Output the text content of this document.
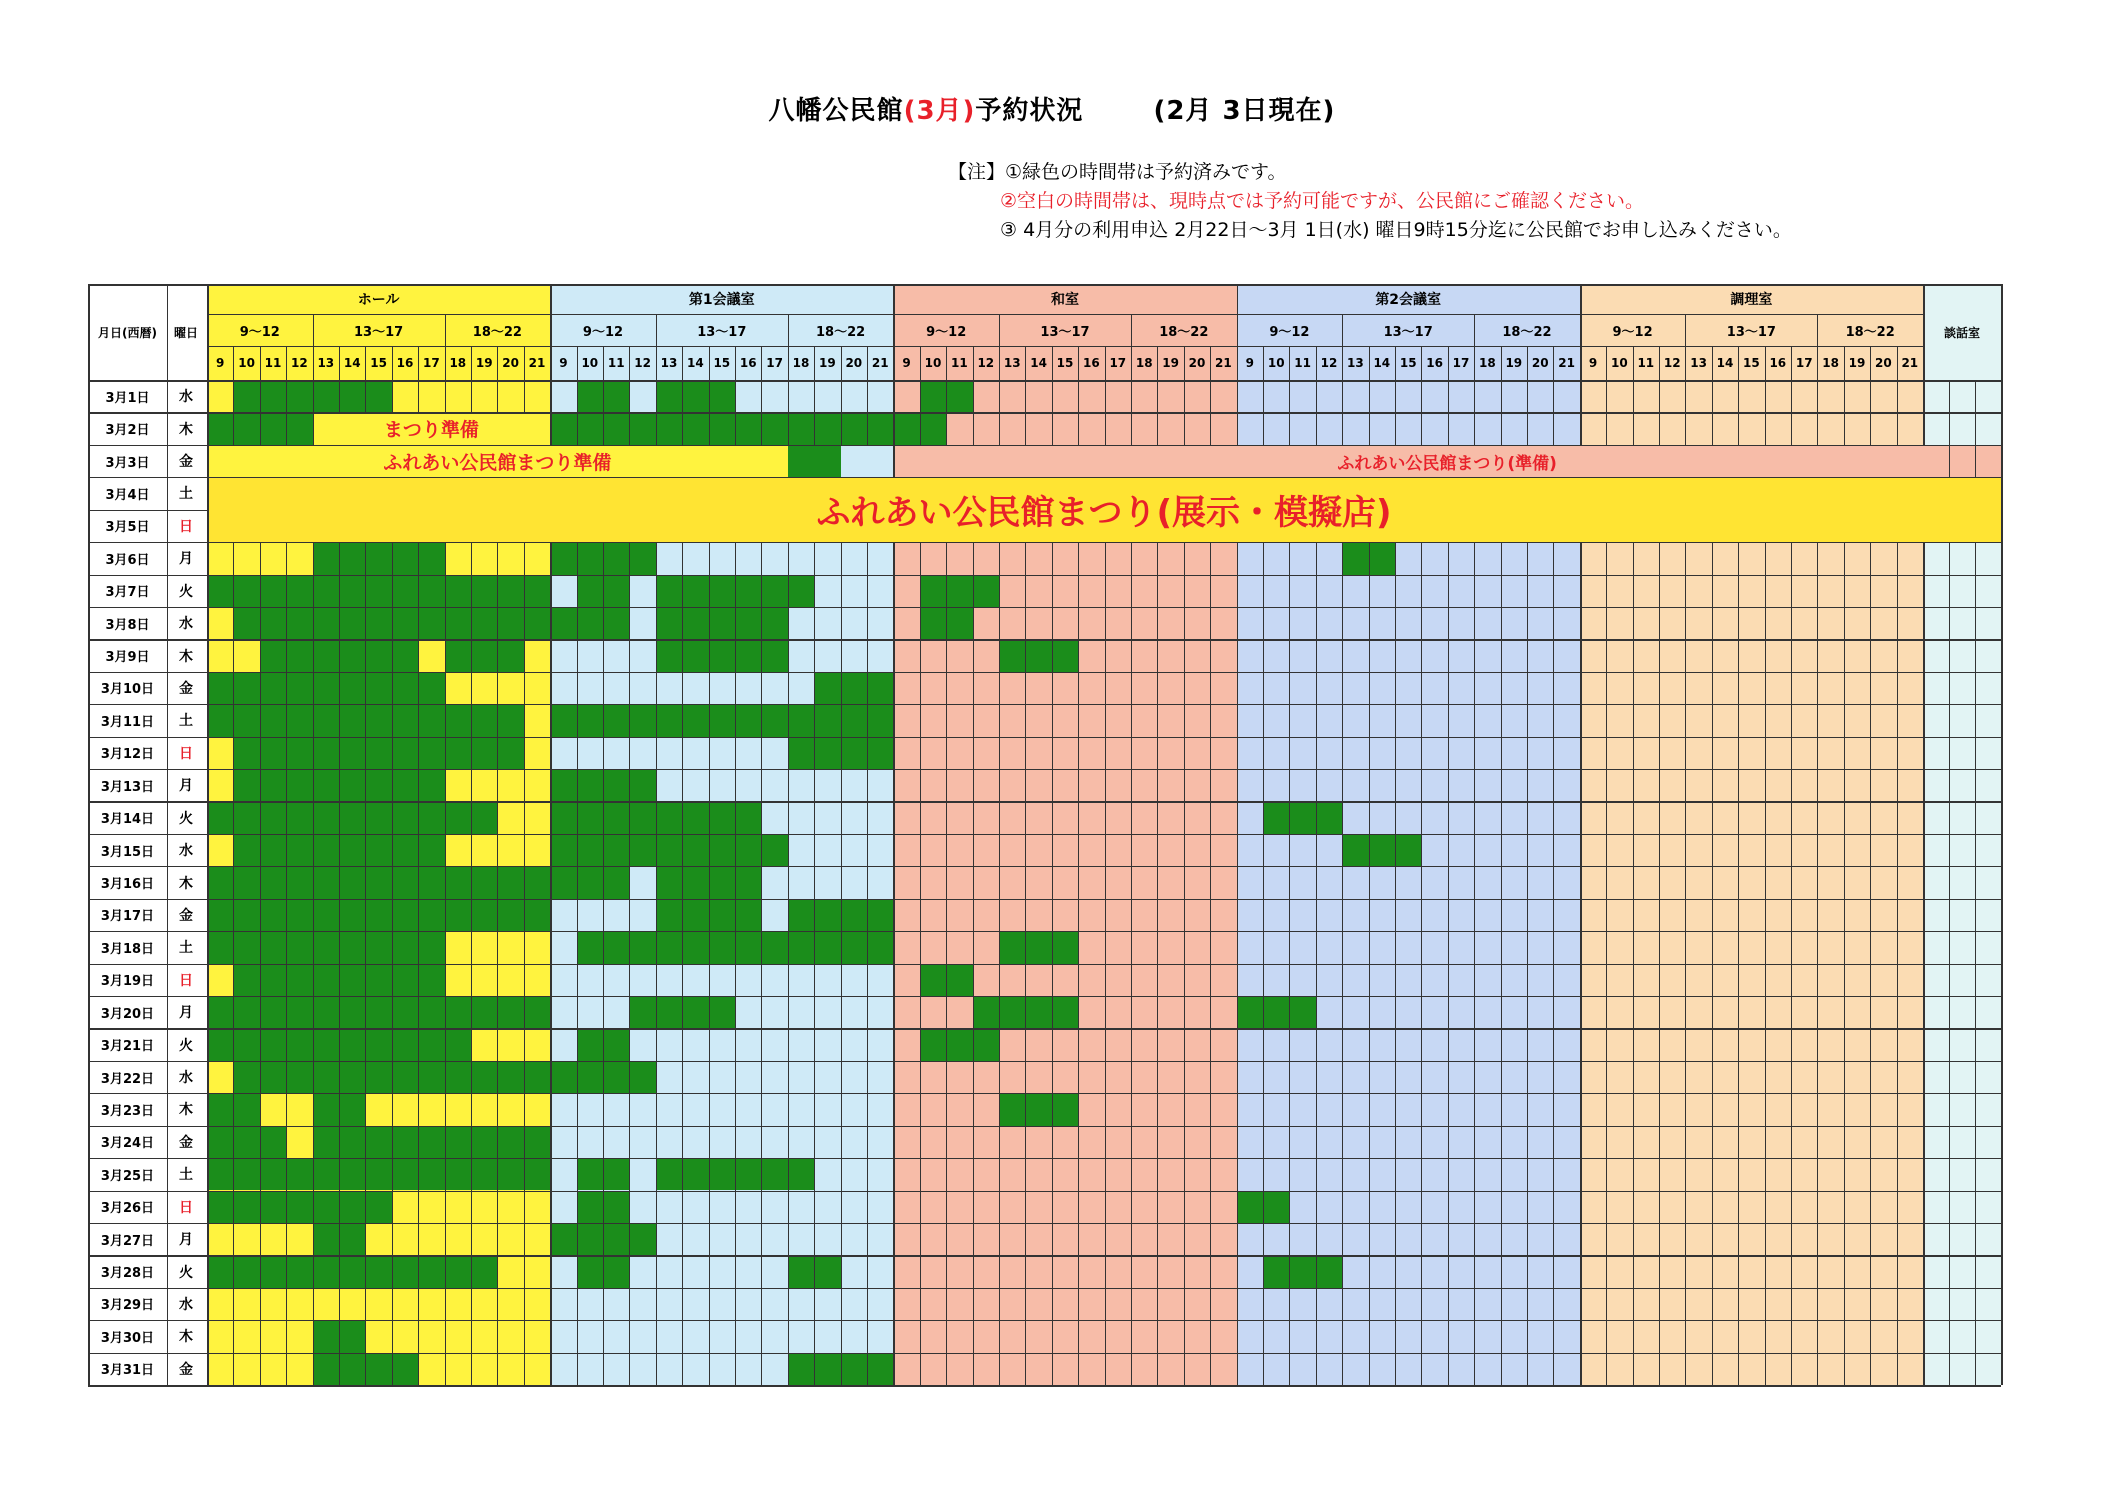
八幡公民館(3月)予約状況	(2月 3日現在)
【注】①緑色の時間帯は予約済みです。
②空白の時間帯は、現時点では予約可能ですが、公民館にご確認ください。
③ 4月分の利用申込 2月22日～3月 1日(水) 曜日9時15分迄に公民館でお申し込みください。
まつり準備
ふれあい公民館まつり準備	ふれあい公民館まつり(準備)
ふれあい公民館まつり(展示・模擬店)
月日(西暦)	曜日
ホール
9～12	13～17	18～22
9	10 11 12 13 14 15 16 17 18 19 20 21
第1会議室
9～12	13～17	18～22
9	10 11 12 13 14 15 16 17 18 19 20 21
和室
9～12	13～17	18～22
9	10 11 12 13 14 15 16 17 18 19 20 21
第2会議室
9～12	13～17	18～22
9	10 11 12 13 14 15 16 17 18 19 20 21
調理室
9～12	13～17	18～22
9	10 11 12 13 14 15 16 17 18 19 20 21
談話室
3月1日	水
3月2日	木
3月3日	金
3月4日	土
3月5日	日
3月6日	月
3月7日	火
3月8日	水
3月9日	木
3月10日	金
3月11日	土
3月12日	日
3月13日	月
3月14日	火
3月15日	水
3月16日	木
3月17日	金
3月18日	土
3月19日	日
3月20日	月
3月21日	火
3月22日	水
3月23日	木
3月24日	金
3月25日	土
3月26日	日
3月27日	月
3月28日	火
3月29日	水
3月30日	木
3月31日	金
